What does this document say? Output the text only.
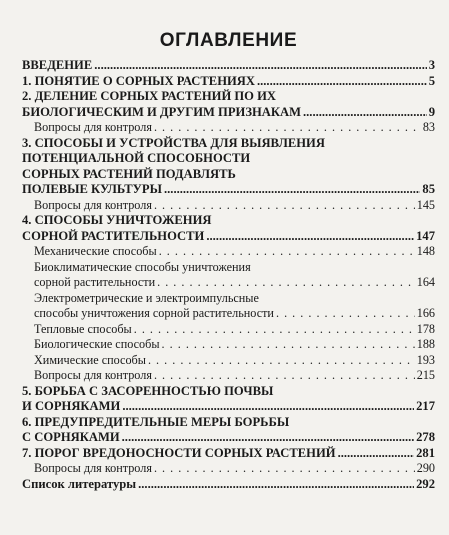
ОГЛАВЛЕНИЕ
ВВЕДЕНИЕ .....	3
1. ПОНЯТИЕ О СОРНЫХ РАСТЕНИЯХ .....	5
2. ДЕЛЕНИЕ СОРНЫХ РАСТЕНИЙ ПО ИХ
БИОЛОГИЧЕСКИМ И ДРУГИМ ПРИЗНАКАМ .....	9
Вопросы для контроля . . .	83
3. СПОСОБЫ И УСТРОЙСТВА ДЛЯ ВЫЯВЛЕНИЯ
ПОТЕНЦИАЛЬНОЙ СПОСОБНОСТИ
СОРНЫХ РАСТЕНИЙ ПОДАВЛЯТЬ
ПОЛЕВЫЕ КУЛЬТУРЫ .....	85
Вопросы для контроля . . .	145
4. СПОСОБЫ УНИЧТОЖЕНИЯ
СОРНОЙ РАСТИТЕЛЬНОСТИ .....	147
Механические способы . . .	148
Биоклиматические способы уничтожения
сорной растительности . . .	164
Электрометрические и электроимпульсные
способы уничтожения сорной растительности . . .	166
Тепловые способы . . .	178
Биологические способы . . .	188
Химические способы . . .	193
Вопросы для контроля . . .	215
5. БОРЬБА С ЗАСОРЕННОСТЬЮ ПОЧВЫ
И СОРНЯКАМИ .....	217
6. ПРЕДУПРЕДИТЕЛЬНЫЕ МЕРЫ БОРЬБЫ
С СОРНЯКАМИ .....	278
7. ПОРОГ ВРЕДОНОСНОСТИ СОРНЫХ РАСТЕНИЙ .....	281
Вопросы для контроля . . .	290
Список литературы .....	292
